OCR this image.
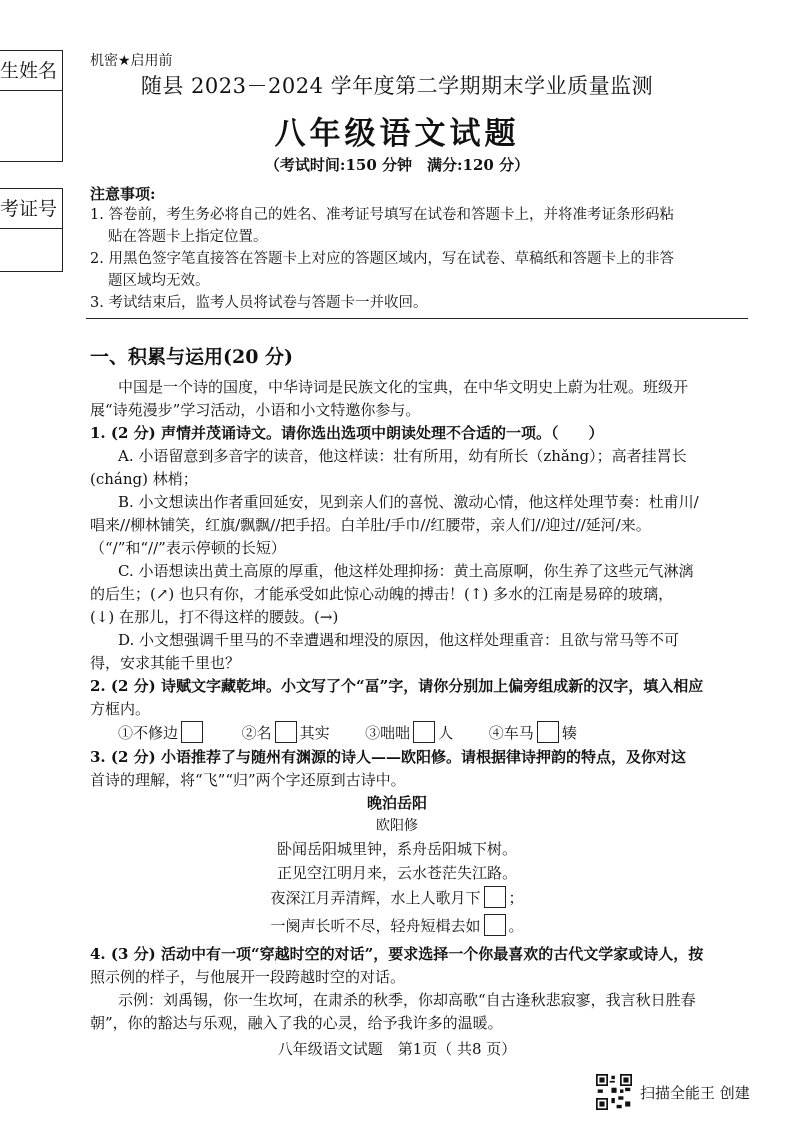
生姓名
考证号
机密★启用前
随县 2023－2024 学年度第二学期期末学业质量监测
八年级语文试题
（考试时间:150 分钟　满分:120 分）
注意事项:
1. 答卷前，考生务必将自己的姓名、准考证号填写在试卷和答题卡上，并将准考证条形码粘
贴在答题卡上指定位置。
2. 用黑色签字笔直接答在答题卡上对应的答题区域内，写在试卷、草稿纸和答题卡上的非答
题区域均无效。
3. 考试结束后，监考人员将试卷与答题卡一并收回。
一、积累与运用(20 分)
中国是一个诗的国度，中华诗词是民族文化的宝典，在中华文明史上蔚为壮观。班级开
展“诗苑漫步”学习活动，小语和小文特邀你参与。
1. (2 分) 声情并茂诵诗文。请你选出选项中朗读处理不合适的一项。（　　）
A. 小语留意到多音字的读音，他这样读：壮有所用，幼有所长（zhǎng）；高者挂罥长
(cháng) 林梢；
B. 小文想读出作者重回延安，见到亲人们的喜悦、激动心情，他这样处理节奏：杜甫川/
唱来//柳林铺笑，红旗/飘飘//把手招。白羊肚/手巾//红腰带，亲人们//迎过//延河/来。
（“/”和“//”表示停顿的长短）
C. 小语想读出黄土高原的厚重，他这样处理抑扬：黄土高原啊，你生养了这些元气淋漓
的后生；(↗) 也只有你，才能承受如此惊心动魄的搏击！(↑) 多水的江南是易碎的玻璃，
(↓) 在那儿，打不得这样的腰鼓。(→)
D. 小文想强调千里马的不幸遭遇和埋没的原因，他这样处理重音：且欲与常马等不可
得，安求其能千里也？
2. (2 分) 诗赋文字藏乾坤。小文写了个“畐”字，请你分别加上偏旁组成新的汉字，填入相应
方框内。
①不修边	②名 其实 ③咄咄 人 ④车马 辏
3. (2 分) 小语推荐了与随州有渊源的诗人——欧阳修。请根据律诗押韵的特点，及你对这
首诗的理解，将“飞”“归”两个字还原到古诗中。
晚泊岳阳
欧阳修
卧闻岳阳城里钟，系舟岳阳城下树。
正见空江明月来，云水苍茫失江路。
夜深江月弄清辉，水上人歌月下 ；
一阕声长听不尽，轻舟短楫去如 。
4. (3 分) 活动中有一项“穿越时空的对话”，要求选择一个你最喜欢的古代文学家或诗人，按
照示例的样子，与他展开一段跨越时空的对话。
示例：刘禹锡，你一生坎坷，在肃杀的秋季，你却高歌“自古逢秋悲寂寥，我言秋日胜春
朝”，你的豁达与乐观，融入了我的心灵，给予我许多的温暖。
八年级语文试题　第1页（ 共8 页）
扫描全能王 创建
